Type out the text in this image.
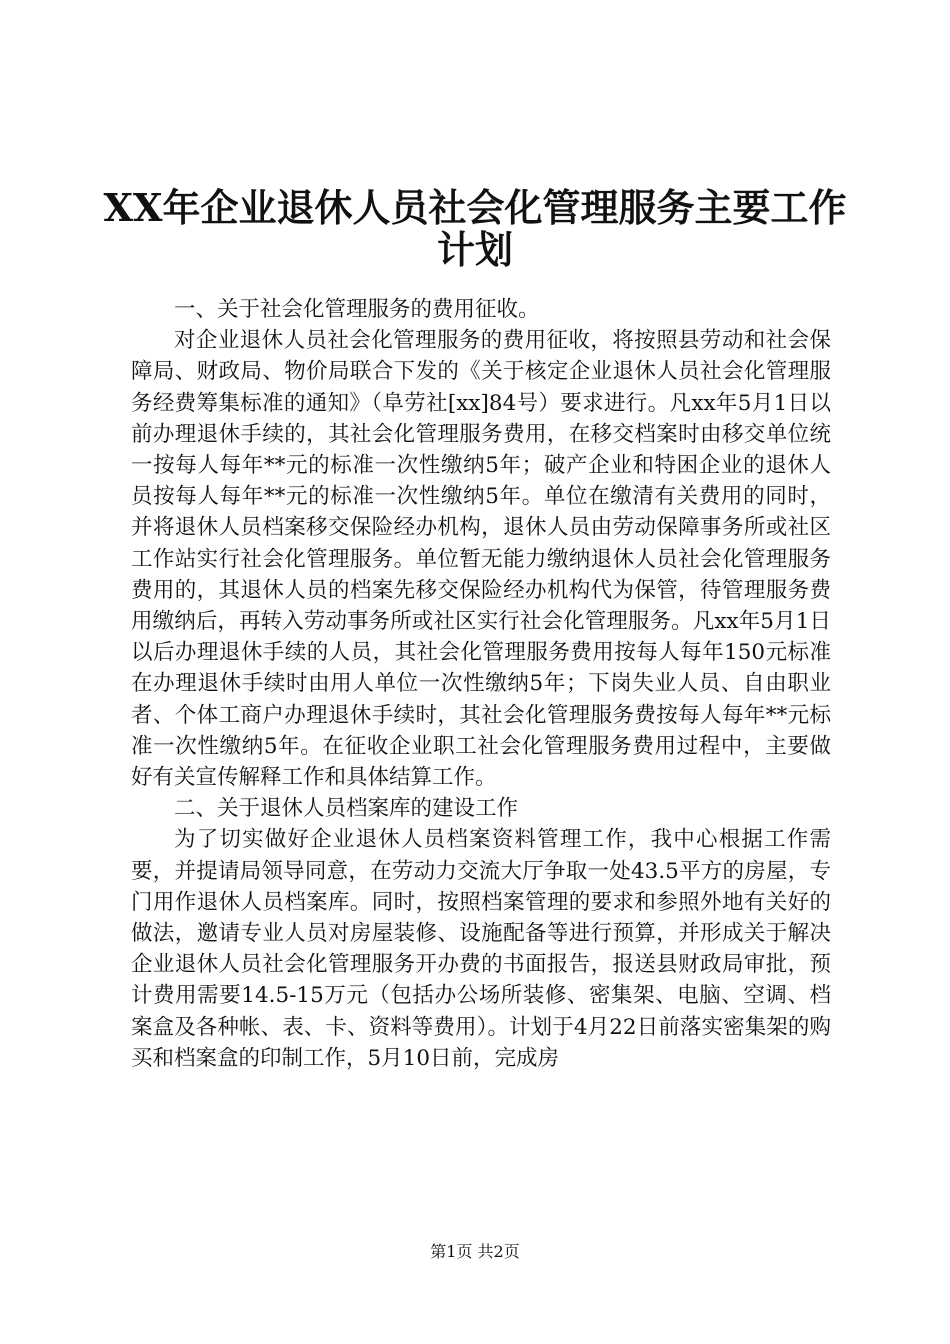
XX年企业退休人员社会化管理服务主要工作
计划

一、关于社会化管理服务的费用征收。

对企业退休人员社会化管理服务的费用征收，将按照县劳动和社会保障局、财政局、物价局联合下发的《关于核定企业退休人员社会化管理服务经费筹集标准的通知》（阜劳社[xx]84号）要求进行。凡xx年5月1日以前办理退休手续的，其社会化管理服务费用，在移交档案时由移交单位统一按每人每年**元的标准一次性缴纳5年；破产企业和特困企业的退休人员按每人每年**元的标准一次性缴纳5年。单位在缴清有关费用的同时，并将退休人员档案移交保险经办机构，退休人员由劳动保障事务所或社区工作站实行社会化管理服务。单位暂无能力缴纳退休人员社会化管理服务费用的，其退休人员的档案先移交保险经办机构代为保管，待管理服务费用缴纳后，再转入劳动事务所或社区实行社会化管理服务。凡xx年5月1日以后办理退休手续的人员，其社会化管理服务费用按每人每年150元标准在办理退休手续时由用人单位一次性缴纳5年；下岗失业人员、自由职业者、个体工商户办理退休手续时，其社会化管理服务费按每人每年**元标准一次性缴纳5年。在征收企业职工社会化管理服务费用过程中，主要做好有关宣传解释工作和具体结算工作。

二、关于退休人员档案库的建设工作

为了切实做好企业退休人员档案资料管理工作，我中心根据工作需要，并提请局领导同意，在劳动力交流大厅争取一处43.5平方的房屋，专门用作退休人员档案库。同时，按照档案管理的要求和参照外地有关好的做法，邀请专业人员对房屋装修、设施配备等进行预算，并形成关于解决企业退休人员社会化管理服务开办费的书面报告，报送县财政局审批，预计费用需要14.5-15万元（包括办公场所装修、密集架、电脑、空调、档案盒及各种帐、表、卡、资料等费用）。计划于4月22日前落实密集架的购买和档案盒的印制工作，5月10日前，完成房

第1页 共2页
